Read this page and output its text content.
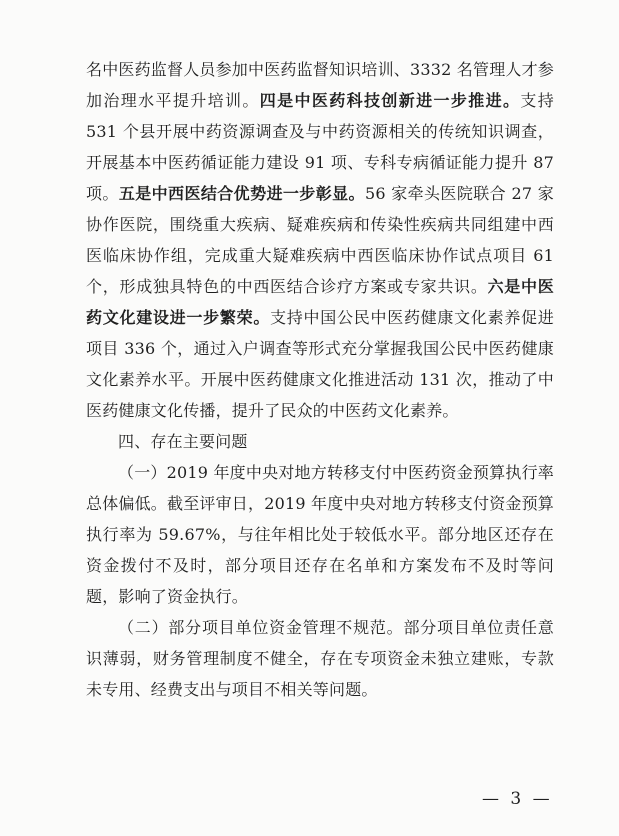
名中医药监督人员参加中医药监督知识培训、3332 名管理人才参加治理水平提升培训。四是中医药科技创新进一步推进。支持531 个县开展中药资源调查及与中药资源相关的传统知识调查，开展基本中医药循证能力建设 91 项、专科专病循证能力提升 87项。五是中西医结合优势进一步彰显。56 家牵头医院联合 27 家协作医院，围绕重大疾病、疑难疾病和传染性疾病共同组建中西医临床协作组，完成重大疑难疾病中西医临床协作试点项目 61个，形成独具特色的中西医结合诊疗方案或专家共识。六是中医药文化建设进一步繁荣。支持中国公民中医药健康文化素养促进项目 336 个，通过入户调查等形式充分掌握我国公民中医药健康文化素养水平。开展中医药健康文化推进活动 131 次，推动了中医药健康文化传播，提升了民众的中医药文化素养。

四、存在主要问题

（一）2019 年度中央对地方转移支付中医药资金预算执行率总体偏低。截至评审日，2019 年度中央对地方转移支付资金预算执行率为 59.67%，与往年相比处于较低水平。部分地区还存在资金拨付不及时，部分项目还存在名单和方案发布不及时等问题，影响了资金执行。

（二）部分项目单位资金管理不规范。部分项目单位责任意识薄弱，财务管理制度不健全，存在专项资金未独立建账，专款未专用、经费支出与项目不相关等问题。

— 3 —
